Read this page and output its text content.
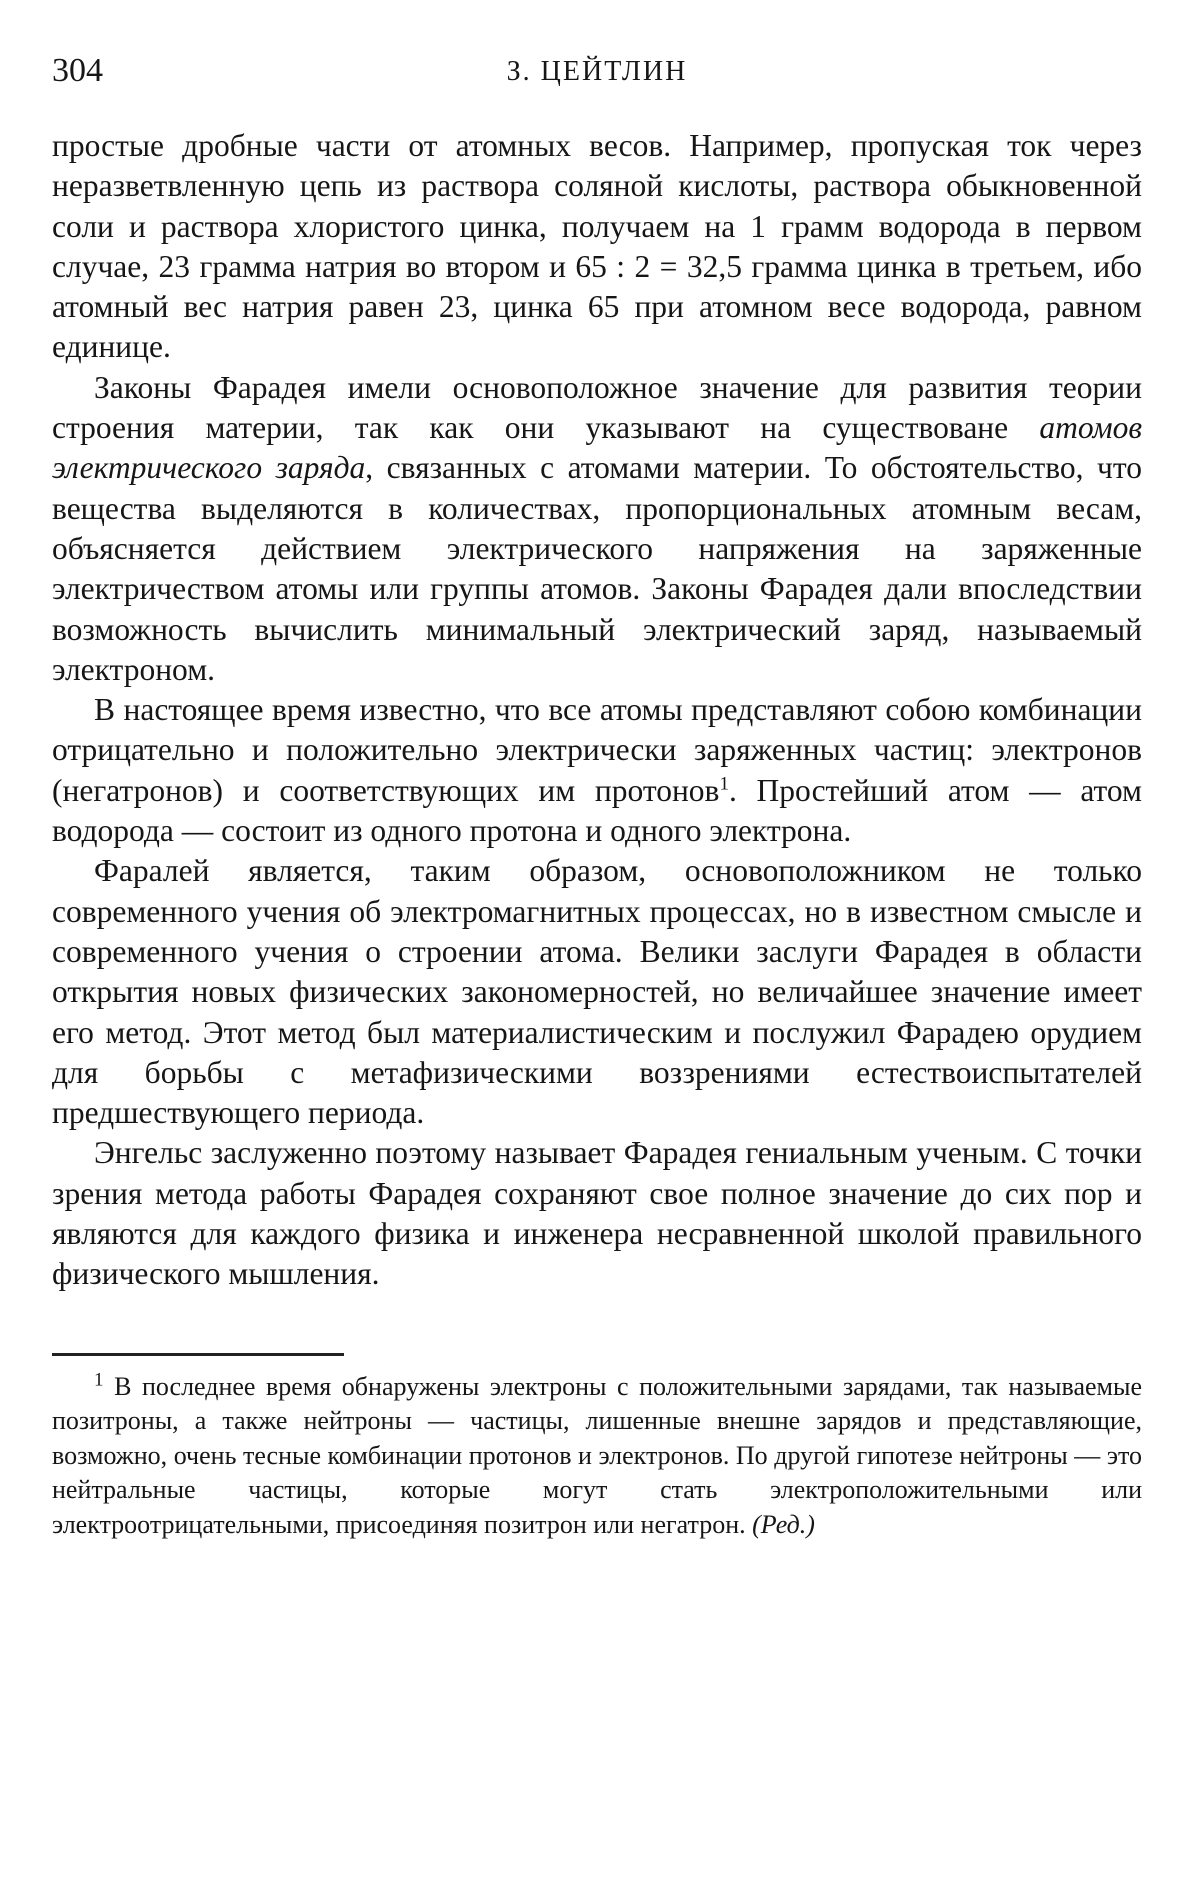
304	З. ЦЕЙТЛИН

простые дробные части от атомных весов. Например, пропуская ток через неразветвленную цепь из раствора соляной кислоты, раствора обыкновенной соли и раствора хлористого цинка, получаем на 1 грамм водорода в первом случае, 23 грамма натрия во втором и 65 : 2 = 32,5 грамма цинка в третьем, ибо атомный вес натрия равен 23, цинка 65 при атомном весе водорода, равном единице.

Законы Фарадея имели основоположное значение для развития теории строения материи, так как они указывают на существоване атомов электрического заряда, связанных с атомами материи. То обстоятельство, что вещества выделяются в количествах, пропорциональных атомным весам, объясняется действием электрического напряжения на заряженные электричеством атомы или группы атомов. Законы Фарадея дали впоследствии возможность вычислить минимальный электрический заряд, называемый электроном.

В настоящее время известно, что все атомы представляют собою комбинации отрицательно и положительно электрически заряженных частиц: электронов (негатронов) и соответствующих им протонов$^1$. Простейший атом — атом водорода — состоит из одного протона и одного электрона.

Фаралей является, таким образом, основоположником не только современного учения об электромагнитных процессах, но в известном смысле и современного учения о строении атома. Велики заслуги Фарадея в области открытия новых физических закономерностей, но величайшее значение имеет его метод. Этот метод был материалистическим и послужил Фарадею орудием для борьбы с метафизическими воззрениями естествоиспытателей предшествующего периода.

Энгельс заслуженно поэтому называет Фарадея гениальным ученым. С точки зрения метода работы Фарадея сохраняют свое полное значение до сих пор и являются для каждого физика и инженера несравненной школой правильного физического мышления.

$^1$ В последнее время обнаружены электроны с положительными зарядами, так называемые позитроны, а также нейтроны — частицы, лишенные внешне зарядов и представляющие, возможно, очень тесные комбинации протонов и электронов. По другой гипотезе нейтроны — это нейтральные частицы, которые могут стать электроположительными или электроотрицательными, присоединяя позитрон или негатрон. (Ред.)
